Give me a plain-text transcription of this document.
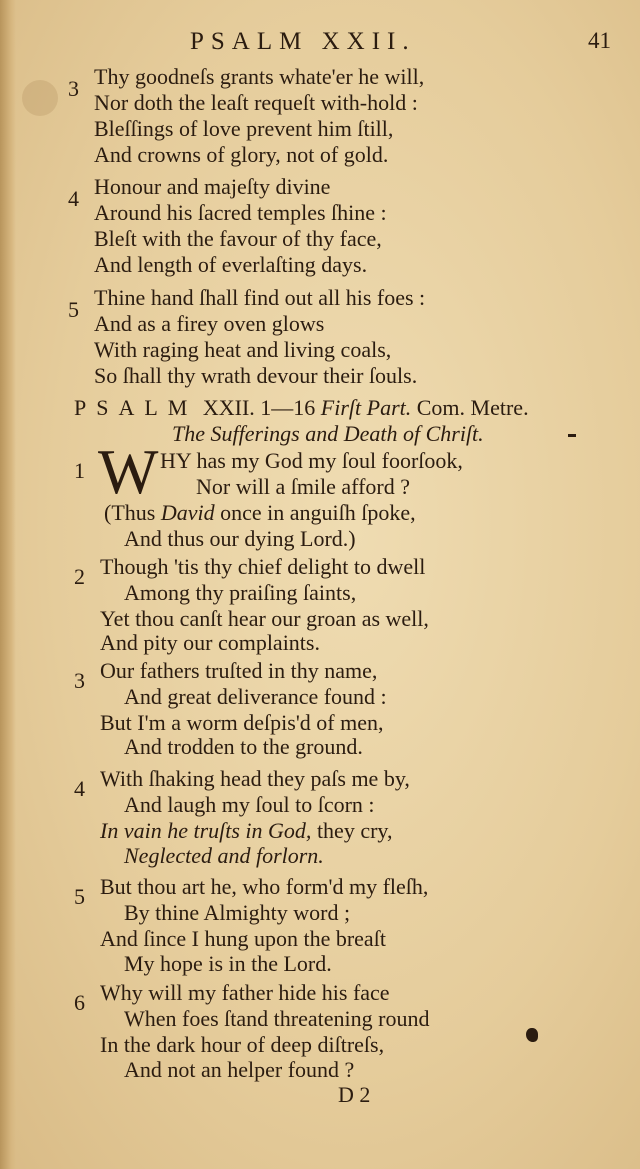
PSALM XXII.	41
3 Thy goodneſs grants whate'er he will,
Nor doth the leaſt requeſt with-hold :
Bleſſings of love prevent him ſtill,
And crowns of glory, not of gold.
4 Honour and majeſty divine
Around his ſacred temples ſhine :
Bleſt with the favour of thy face,
And length of everlaſting days.
5 Thine hand ſhall find out all his foes :
And as a firey oven glows
With raging heat and living coals,
So ſhall thy wrath devour their ſouls.
PSALM XXII. 1—16 Firſt Part. Com. Metre.
The Sufferings and Death of Chriſt.
1 W HY has my God my ſoul foorſook,
Nor will a ſmile afford ?
(Thus David once in anguiſh ſpoke,
And thus our dying Lord.)
2 Though 'tis thy chief delight to dwell
Among thy praiſing ſaints,
Yet thou canſt hear our groan as well,
And pity our complaints.
3 Our fathers truſted in thy name,
And great deliverance found :
But I'm a worm deſpis'd of men,
And trodden to the ground.
4 With ſhaking head they paſs me by,
And laugh my ſoul to ſcorn :
In vain he truſts in God, they cry,
Neglected and forlorn.
5 But thou art he, who form'd my fleſh,
By thine Almighty word ;
And ſince I hung upon the breaſt
My hope is in the Lord.
6 Why will my father hide his face
When foes ſtand threatening round
In the dark hour of deep diſtreſs,
And not an helper found ?
D 2
